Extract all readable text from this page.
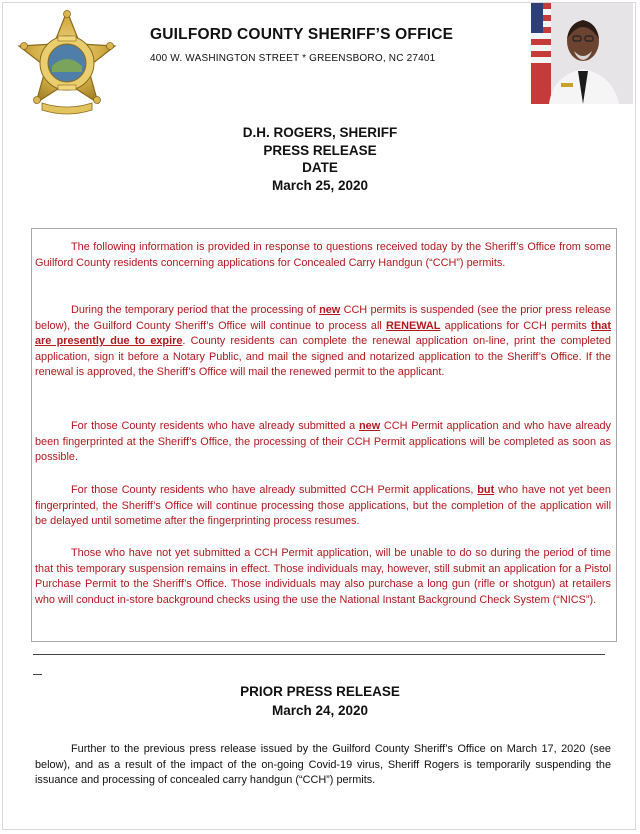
GUILFORD COUNTY SHERIFF’S OFFICE
400 W. WASHINGTON STREET * GREENSBORO, NC 27401
D.H. ROGERS, SHERIFF
PRESS RELEASE
DATE
March 25, 2020
The following information is provided in response to questions received today by the Sheriff’s Office from some Guilford County residents concerning applications for Concealed Carry Handgun (“CCH”) permits.
During the temporary period that the processing of new CCH permits is suspended (see the prior press release below), the Guilford County Sheriff’s Office will continue to process all RENEWAL applications for CCH permits that are presently due to expire. County residents can complete the renewal application on-line, print the completed application, sign it before a Notary Public, and mail the signed and notarized application to the Sheriff’s Office. If the renewal is approved, the Sheriff’s Office will mail the renewed permit to the applicant.
For those County residents who have already submitted a new CCH Permit application and who have already been fingerprinted at the Sheriff’s Office, the processing of their CCH Permit applications will be completed as soon as possible.
For those County residents who have already submitted CCH Permit applications, but who have not yet been fingerprinted, the Sheriff’s Office will continue processing those applications, but the completion of the application will be delayed until sometime after the fingerprinting process resumes.
Those who have not yet submitted a CCH Permit application, will be unable to do so during the period of time that this temporary suspension remains in effect. Those individuals may, however, still submit an application for a Pistol Purchase Permit to the Sheriff’s Office. Those individuals may also purchase a long gun (rifle or shotgun) at retailers who will conduct in-store background checks using the use the National Instant Background Check System (“NICS”).
PRIOR PRESS RELEASE
March 24, 2020
Further to the previous press release issued by the Guilford County Sheriff’s Office on March 17, 2020 (see below), and as a result of the impact of the on-going Covid-19 virus, Sheriff Rogers is temporarily suspending the issuance and processing of concealed carry handgun (“CCH”) permits.
